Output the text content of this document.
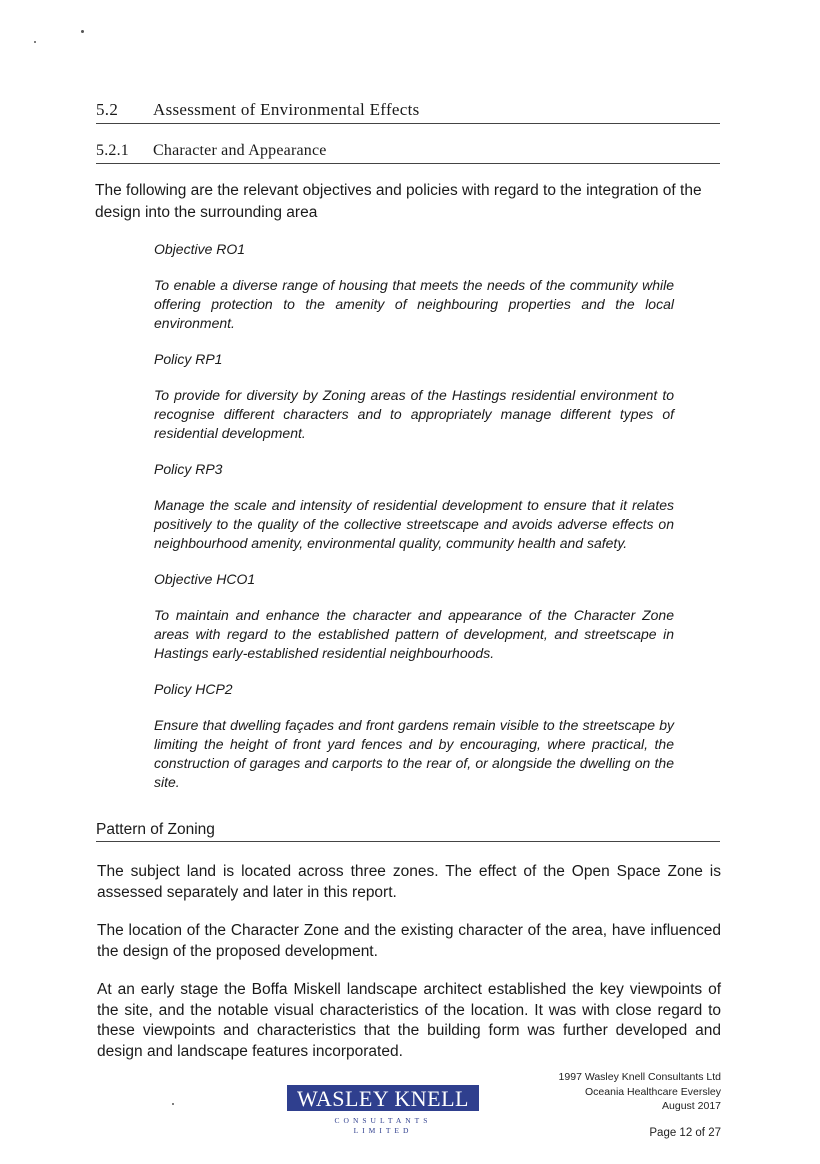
5.2 Assessment of Environmental Effects
5.2.1 Character and Appearance
The following are the relevant objectives and policies with regard to the integration of the design into the surrounding area
Objective RO1
To enable a diverse range of housing that meets the needs of the community while offering protection to the amenity of neighbouring properties and the local environment.
Policy RP1
To provide for diversity by Zoning areas of the Hastings residential environment to recognise different characters and to appropriately manage different types of residential development.
Policy RP3
Manage the scale and intensity of residential development to ensure that it relates positively to the quality of the collective streetscape and avoids adverse effects on neighbourhood amenity, environmental quality, community health and safety.
Objective HCO1
To maintain and enhance the character and appearance of the Character Zone areas with regard to the established pattern of development, and streetscape in Hastings early-established residential neighbourhoods.
Policy HCP2
Ensure that dwelling façades and front gardens remain visible to the streetscape by limiting the height of front yard fences and by encouraging, where practical, the construction of garages and carports to the rear of, or alongside the dwelling on the site.
Pattern of Zoning

The subject land is located across three zones. The effect of the Open Space Zone is assessed separately and later in this report.

The location of the Character Zone and the existing character of the area, have influenced the design of the proposed development.

At an early stage the Boffa Miskell landscape architect established the key viewpoints of the site, and the notable visual characteristics of the location. It was with close regard to these viewpoints and characteristics that the building form was further developed and design and landscape features incorporated.

WASLEY KNELL
CONSULTANTS
LIMITED
1997 Wasley Knell Consultants Ltd
Oceania Healthcare Eversley
August 2017
Page 12 of 27
